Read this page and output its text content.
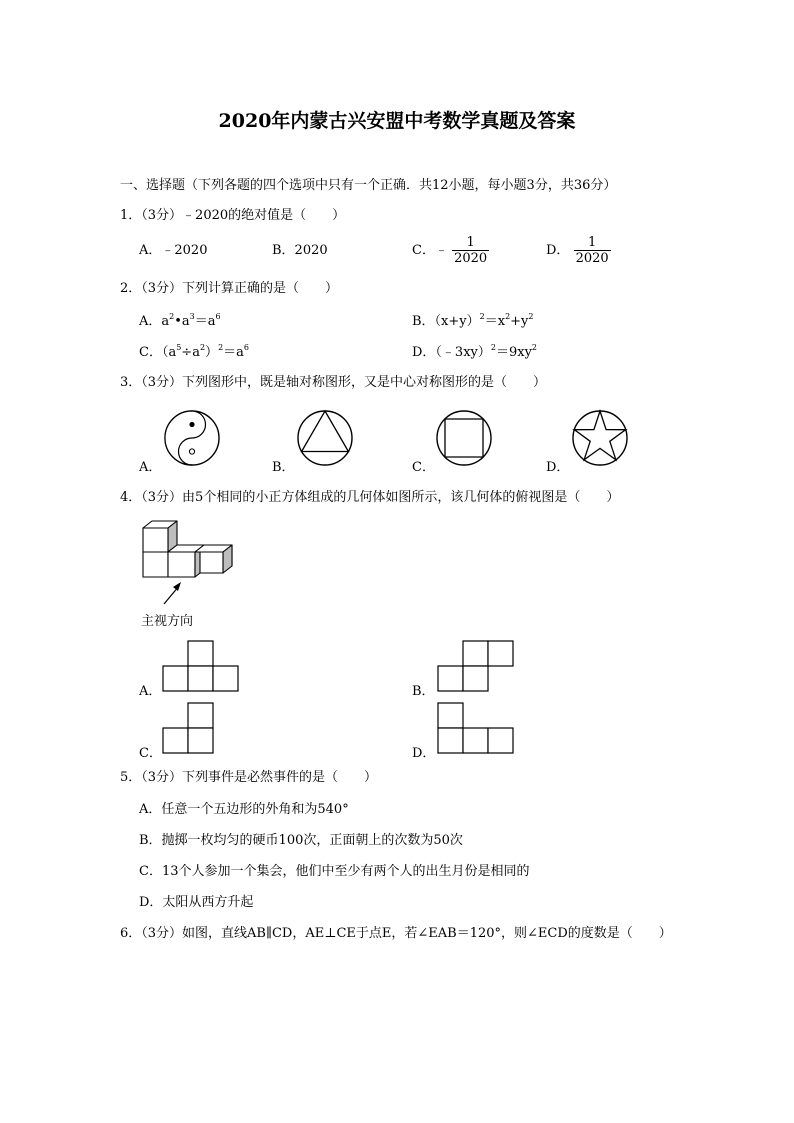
2020年内蒙古兴安盟中考数学真题及答案
一、选择题（下列各题的四个选项中只有一个正确．共12小题，每小题3分，共36分）
1．（3分）﹣2020的绝对值是（　　）
A．﹣2020	B．2020	C．﹣ $\frac{1}{2020}$	D． $\frac{1}{2020}$
2．（3分）下列计算正确的是（　　）
A．$a^2•a^3=a^6$	B．$(x+y)^2=x^2+y^2$
C．$(a^5\div a^2)^2=a^6$	D．$(﹣3xy)^2=9xy^2$
3．（3分）下列图形中，既是轴对称图形，又是中心对称图形的是（　　）
A．	B．	C．	D．
4．（3分）由5个相同的小正方体组成的几何体如图所示，该几何体的俯视图是（　　）
主视方向
A．	B．
C．	D．
5．（3分）下列事件是必然事件的是（　　）
A．任意一个五边形的外角和为540°
B．抛掷一枚均匀的硬币100次，正面朝上的次数为50次
C．13个人参加一个集会，他们中至少有两个人的出生月份是相同的
D．太阳从西方升起
6．（3分）如图，直线AB∥CD，AE⊥CE于点E，若∠EAB＝120°，则∠ECD的度数是（　　）
